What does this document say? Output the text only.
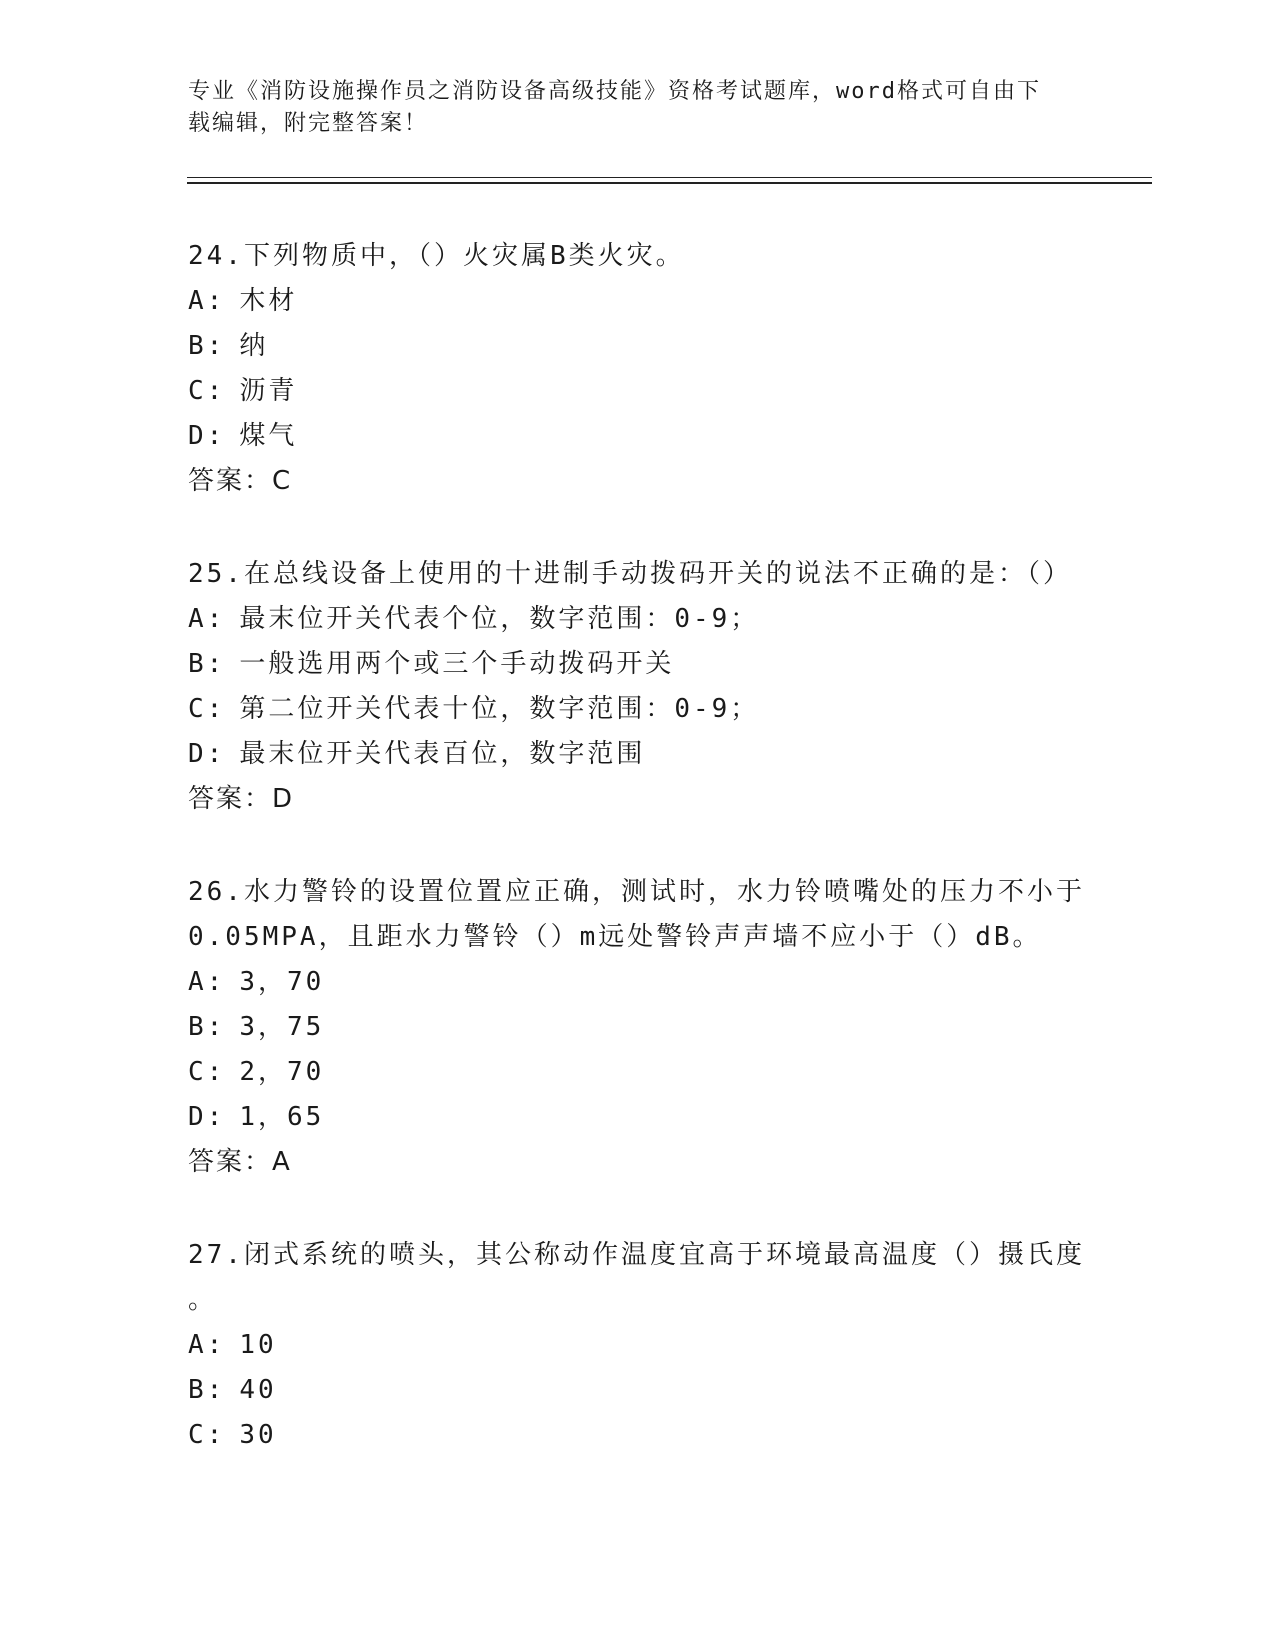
专业《消防设施操作员之消防设备高级技能》资格考试题库，word格式可自由下
载编辑，附完整答案！
24.下列物质中，（）火灾属B类火灾。
A: 木材
B: 纳
C: 沥青
D: 煤气
答案：C
25.在总线设备上使用的十进制手动拨码开关的说法不正确的是：（）
A: 最末位开关代表个位，数字范围：0-9；
B: 一般选用两个或三个手动拨码开关
C: 第二位开关代表十位，数字范围：0-9；
D: 最末位开关代表百位，数字范围
答案：D
26.水力警铃的设置位置应正确，测试时，水力铃喷嘴处的压力不小于
0.05MPA，且距水力警铃（）m远处警铃声声墙不应小于（）dB。
A: 3，70
B: 3，75
C: 2，70
D: 1，65
答案：A
27.闭式系统的喷头，其公称动作温度宜高于环境最高温度（）摄氏度
。
A: 10
B: 40
C: 30
